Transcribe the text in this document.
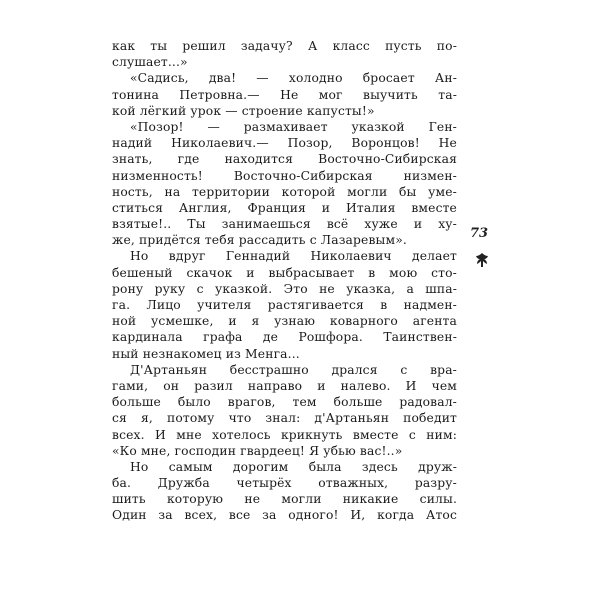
как ты решил задачу? А класс пусть по-
слушает...»
«Садись, два! — холодно бросает Ан-
тонина Петровна.— Не мог выучить та-
кой лёгкий урок — строение капусты!»
«Позор! — размахивает указкой Ген-
надий Николаевич.— Позор, Воронцов! Не
знать, где находится Восточно-Сибирская
низменность! Восточно-Сибирская низмен-
ность, на территории которой могли бы уме-
ститься Англия, Франция и Италия вместе
взятые!.. Ты занимаешься всё хуже и ху-
же, придётся тебя рассадить с Лазаревым».
Но вдруг Геннадий Николаевич делает
бешеный скачок и выбрасывает в мою сто-
рону руку с указкой. Это не указка, а шпа-
га. Лицо учителя растягивается в надмен-
ной усмешке, и я узнаю коварного агента
кардинала графа де Рошфора. Таинствен-
ный незнакомец из Менга...
Д'Артаньян бесстрашно дрался с вра-
гами, он разил направо и налево. И чем
больше было врагов, тем больше радовал-
ся я, потому что знал: д'Артаньян победит
всех. И мне хотелось крикнуть вместе с ним:
«Ко мне, господин гвардеец! Я убью вас!..»
Но самым дорогим была здесь друж-
ба. Дружба четырёх отважных, разру-
шить которую не могли никакие силы.
Один за всех, все за одного! И, когда Атос
73
